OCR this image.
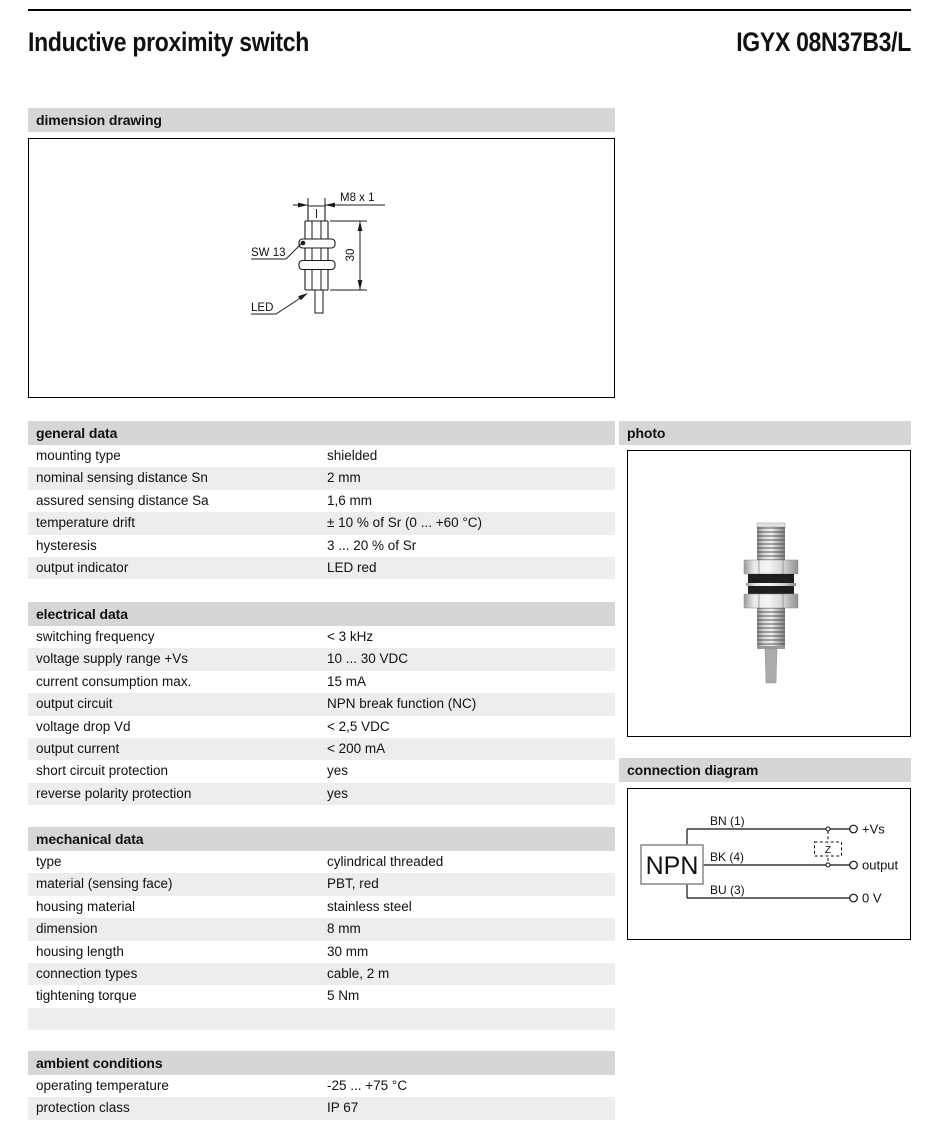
Inductive proximity switch	IGYX 08N37B3/L
dimension drawing
M8 x 1
30
SW 13
LED
general data
mounting type	shielded
nominal sensing distance Sn	2 mm
assured sensing distance Sa	1,6 mm
temperature drift	± 10 % of Sr (0 ... +60 °C)
hysteresis	3 ... 20 % of Sr
output indicator	LED red
electrical data
switching frequency	< 3 kHz
voltage supply range +Vs	10 ... 30 VDC
current consumption max.	15 mA
output circuit	NPN break function (NC)
voltage drop Vd	< 2,5 VDC
output current	< 200 mA
short circuit protection	yes
reverse polarity protection	yes
mechanical data
type	cylindrical threaded
material (sensing face)	PBT, red
housing material	stainless steel
dimension	8 mm
housing length	30 mm
connection types	cable, 2 m
tightening torque	5 Nm
ambient conditions
operating temperature	-25 ... +75 °C
protection class	IP 67
photo
connection diagram
Z
NPN
BN (1)
BK (4)
BU (3)
+Vs
output
0 V
